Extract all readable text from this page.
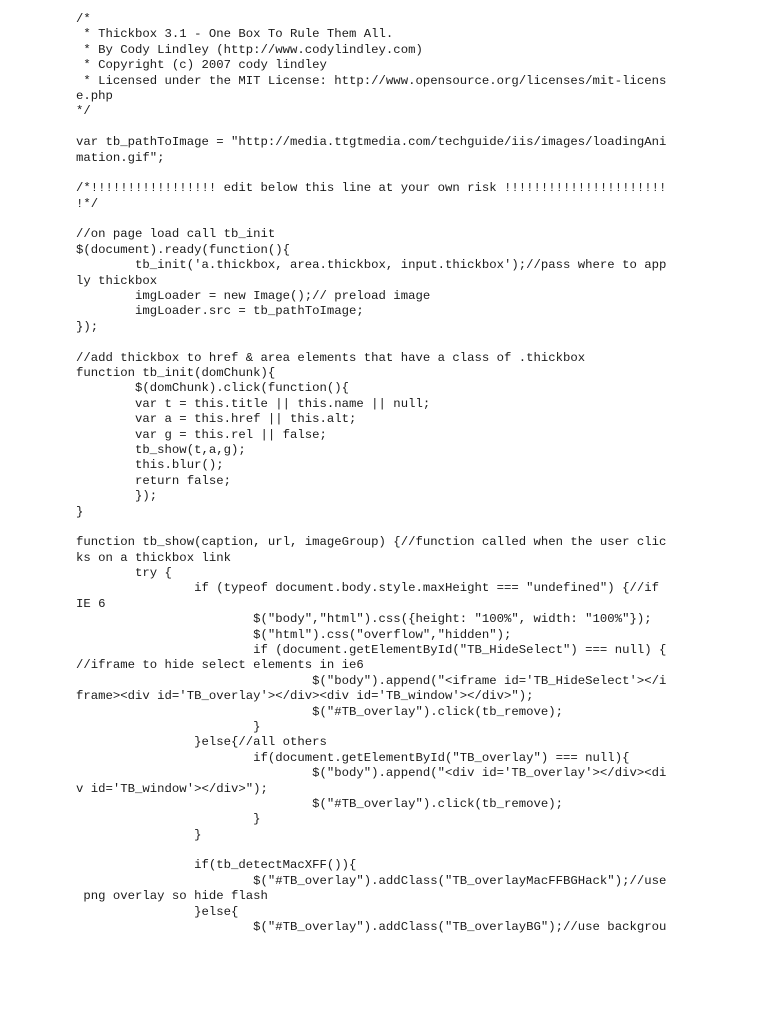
/*
* Thickbox 3.1 - One Box To Rule Them All.
* By Cody Lindley (http://www.codylindley.com)
* Copyright (c) 2007 cody lindley
* Licensed under the MIT License: http://www.opensource.org/licenses/mit-licens
e.php
*/
var tb_pathToImage = "http://media.ttgtmedia.com/techguide/iis/images/loadingAni
mation.gif";
/*!!!!!!!!!!!!!!!!! edit below this line at your own risk !!!!!!!!!!!!!!!!!!!!!!
!*/
//on page load call tb_init
$(document).ready(function(){
tb_init('a.thickbox, area.thickbox, input.thickbox');//pass where to app
ly thickbox
imgLoader = new Image();// preload image
imgLoader.src = tb_pathToImage;
});
//add thickbox to href & area elements that have a class of .thickbox
function tb_init(domChunk){
$(domChunk).click(function(){
var t = this.title || this.name || null;
var a = this.href || this.alt;
var g = this.rel || false;
tb_show(t,a,g);
this.blur();
return false;
});
}
function tb_show(caption, url, imageGroup) {//function called when the user clic
ks on a thickbox link
try {
if (typeof document.body.style.maxHeight === "undefined") {//if
IE 6
$("body","html").css({height: "100%", width: "100%"});
$("html").css("overflow","hidden");
if (document.getElementById("TB_HideSelect") === null) {
//iframe to hide select elements in ie6
$("body").append("<iframe id='TB_HideSelect'></i
frame><div id='TB_overlay'></div><div id='TB_window'></div>");
$("#TB_overlay").click(tb_remove);
}
}else{//all others
if(document.getElementById("TB_overlay") === null){
$("body").append("<div id='TB_overlay'></div><di
v id='TB_window'></div>");
$("#TB_overlay").click(tb_remove);
}
}
if(tb_detectMacXFF()){
$("#TB_overlay").addClass("TB_overlayMacFFBGHack");//use
png overlay so hide flash
}else{
$("#TB_overlay").addClass("TB_overlayBG");//use backgrou
